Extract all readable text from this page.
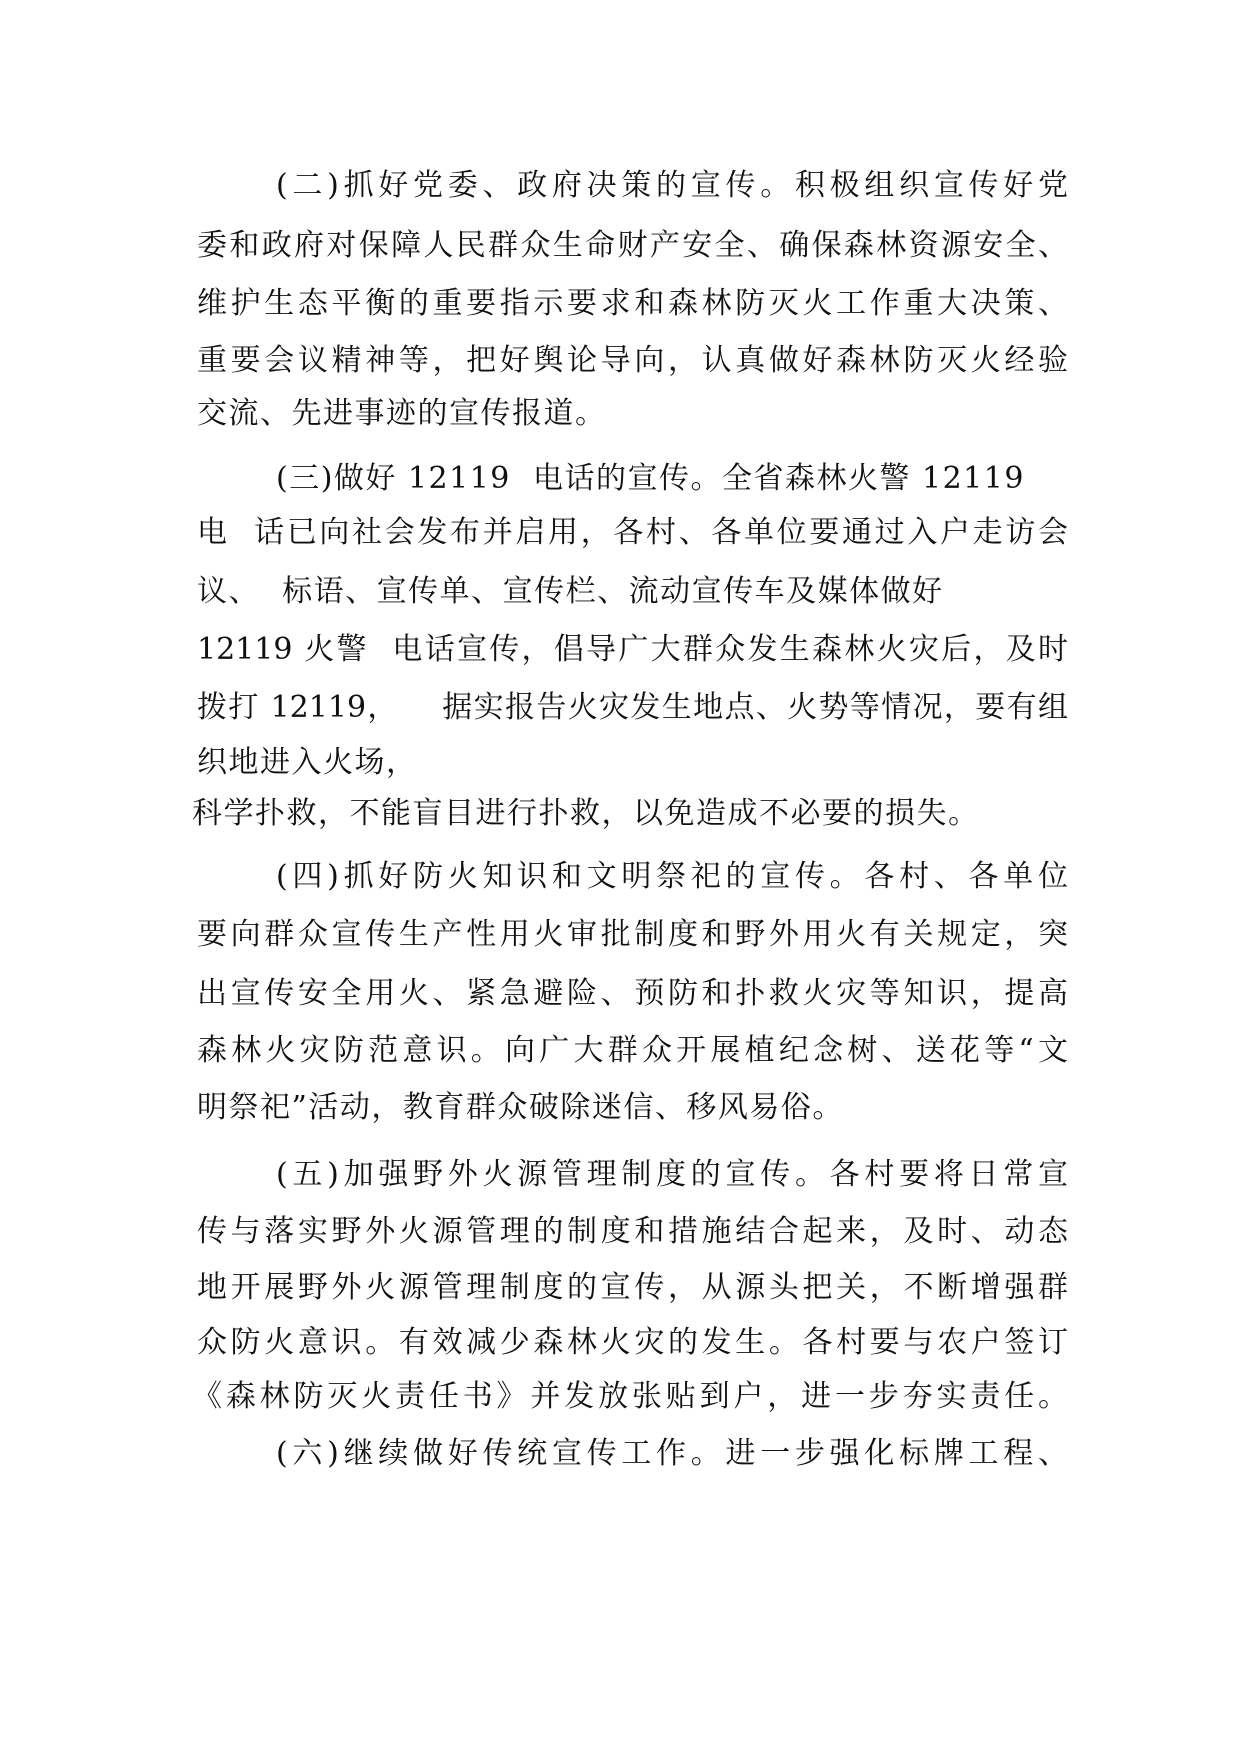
(二)抓好党委、政府决策的宣传。积极组织宣传好党
委和政府对保障人民群众生命财产安全、确保森林资源安全、
维护生态平衡的重要指示要求和森林防灭火工作重大决策、
重要会议精神等，把好舆论导向，认真做好森林防灭火经验
交流、先进事迹的宣传报道。
(三)做好 12119  电话的宣传。全省森林火警 12119
电  话已向社会发布并启用，各村、各单位要通过入户走访会
议、  标语、宣传单、宣传栏、流动宣传车及媒体做好
12119 火警  电话宣传，倡导广大群众发生森林火灾后，及时
拨打 12119，    据实报告火灾发生地点、火势等情况，要有组
织地进入火场，
科学扑救，不能盲目进行扑救，以免造成不必要的损失。
(四)抓好防火知识和文明祭祀的宣传。各村、各单位
要向群众宣传生产性用火审批制度和野外用火有关规定，突
出宣传安全用火、紧急避险、预防和扑救火灾等知识，提高
森林火灾防范意识。向广大群众开展植纪念树、送花等“文
明祭祀”活动，教育群众破除迷信、移风易俗。
(五)加强野外火源管理制度的宣传。各村要将日常宣
传与落实野外火源管理的制度和措施结合起来，及时、动态
地开展野外火源管理制度的宣传，从源头把关，不断增强群
众防火意识。有效减少森林火灾的发生。各村要与农户签订
《森林防灭火责任书》并发放张贴到户，进一步夯实责任。
(六)继续做好传统宣传工作。进一步强化标牌工程、
